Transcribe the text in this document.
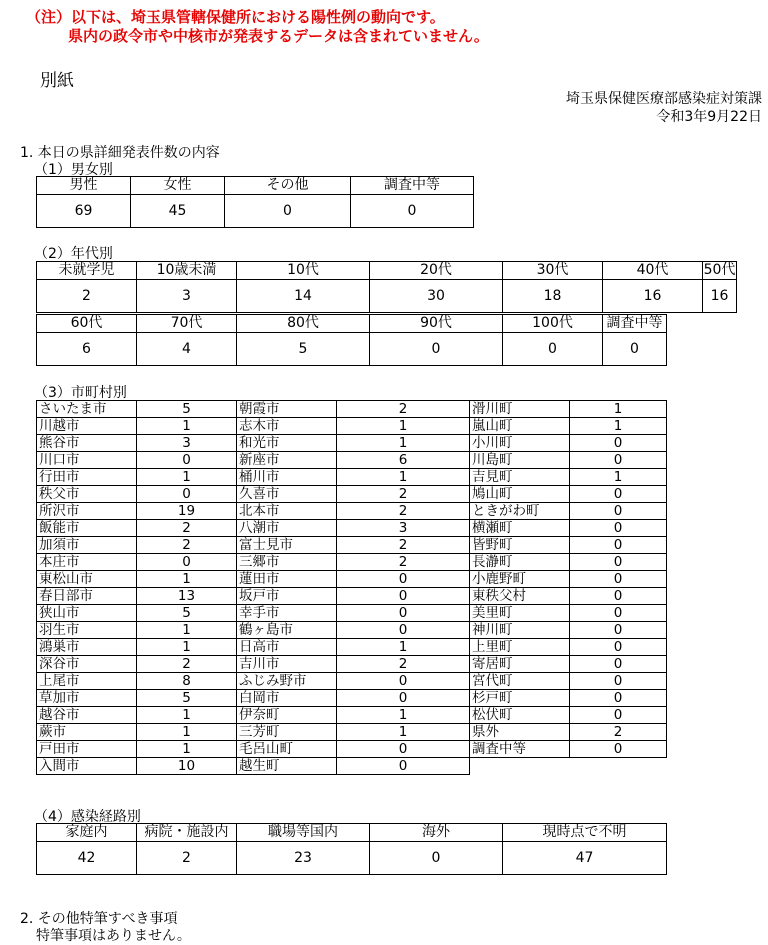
（注）以下は、埼玉県管轄保健所における陽性例の動向です。
県内の政令市や中核市が発表するデータは含まれていません。
別紙
埼玉県保健医療部感染症対策課
令和3年9月22日
1. 本日の県詳細発表件数の内容
（1）男女別
男性	女性	その他	調査中等
69	45	0	0
（2）年代別
未就学児	10歳未満	10代	20代	30代	40代	50代
2	3	14	30	18	16	16
60代	70代	80代	90代	100代	調査中等
6	4	5	0	0	0
（3）市町村別
さいたま市	5	朝霞市	2	滑川町	1
川越市	1	志木市	1	嵐山町	1
熊谷市	3	和光市	1	小川町	0
川口市	0	新座市	6	川島町	0
行田市	1	桶川市	1	吉見町	1
秩父市	0	久喜市	2	鳩山町	0
所沢市	19	北本市	2	ときがわ町	0
飯能市	2	八潮市	3	横瀬町	0
加須市	2	富士見市	2	皆野町	0
本庄市	0	三郷市	2	長瀞町	0
東松山市	1	蓮田市	0	小鹿野町	0
春日部市	13	坂戸市	0	東秩父村	0
狭山市	5	幸手市	0	美里町	0
羽生市	1	鶴ヶ島市	0	神川町	0
鴻巣市	1	日高市	1	上里町	0
深谷市	2	吉川市	2	寄居町	0
上尾市	8	ふじみ野市	0	宮代町	0
草加市	5	白岡市	0	杉戸町	0
越谷市	1	伊奈町	1	松伏町	0
蕨市	1	三芳町	1	県外	2
戸田市	1	毛呂山町	0	調査中等	0
入間市	10	越生町	0		
（4）感染経路別
家庭内	病院・施設内	職場等国内	海外	現時点で不明
42	2	23	0	47
2. その他特筆すべき事項
特筆事項はありません。
